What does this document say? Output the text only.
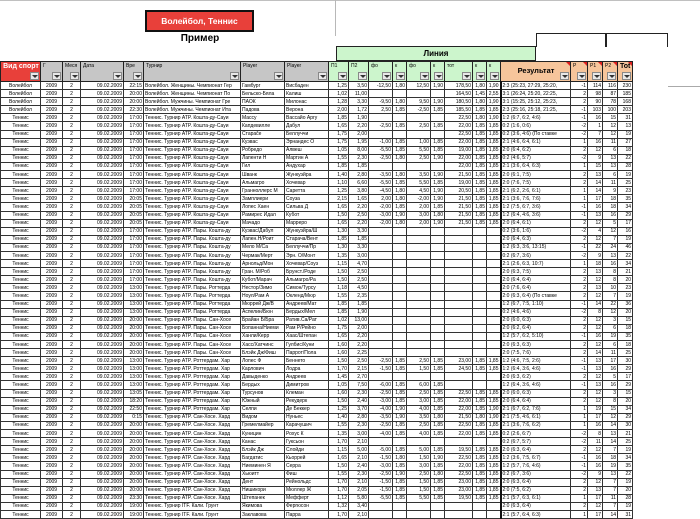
Волейбол, Теннис
Пример
Линия
Вид спорт	Г	Меся	Дата	Вре	Турнир	Player	Player	П1	П2	фо	к	фо	к	тот	к	к	Результат	Р	Р1	Р2	Tot

Волейбол	2009	2	09.02.2009	22:15	Волейбол. Женщины. Чемпионат Гер	Гамбург	Висбаден	1,25	3,50	-12,50	1,80	12,50	1,90	178,50	1,80	1,90	2:3 (25:23, 27:29, 25:20,	-1	114	116	230
Волейбол	2009	2	09.02.2009	20:00	Волейбол. Женщины. Чемпионат По	Бельско-Бяла	Калиш	1,02	11,00					164,50	1,45	2,55	3:1 (26:24, 25:20, 22:25,	2	98	87	185
Волейбол	2009	2	09.02.2009	20:00	Волейбол. Мужчины. Чемпионат Гре	ПАОК	Милонас	1,28	3,30	-9,50	1,80	9,50	1,90	180,50	1,80	1,90	3:1 (15:25, 25:12, 25:23,	2	90	78	168
Волейбол	2009	2	09.02.2009	22:30	Волейбол. Мужчины. Чемпионат Ита	Падова	Верона	2,00	1,72	2,50	1,85	-2,50	1,85	185,50	1,85	1,85	2:3 (25:16, 25:18, 21:25,	-1	103	100	203
Теннис	2009	2	09.02.2009	17:00	Теннис. Турнир ATP. Кошта-ду-Сауи	Массу	Вассайо Аргу	1,85	1,90					22,50	1,80	1,90	1:2 (6:7, 6:2, 4:6)	-1	16	15	31
Теннис	2009	2	09.02.2009	17:00	Теннис. Турнир ATP. Кошта-ду-Сауи	Капдевилле	Дабул	1,65	2,20	-2,50	1,85	2,50	1,85	22,00	1,85	1,85	0:2 (1:6, 0:6)	-2	1	12	13
Теннис	2009	2	09.02.2009	17:00	Теннис. Турнир ATP. Кошта-ду-Сауи	Старače	Беллуччи	1,75	2,00					22,50	1,85	1,85	0:2 (3:6, 4:6) (По ставке	-2	7	12	19
Теннис	2009	2	09.02.2009	17:00	Теннис. Турнир ATP. Кошта-ду-Сауи	Куэвас	Эрнандес О	1,75	1,95	-1,00	1,85	1,00	1,85	22,00	1,85	1,85	2:1 (4:6, 6:4, 6:1)	1	16	11	27
Теннис	2009	2	09.02.2009	17:00	Теннис. Турнир ATP. Кошта-ду-Сауи	Робредо	Алвеш	1,05	8,00	-5,50	1,85	5,50	1,85	19,00	1,85	1,85	2:0 (6:4, 6:2)	2	12	6	18
Теннис	2009	2	09.02.2009	17:00	Теннис. Турнир ATP. Кошта-ду-Сауи	Лапенти Н	Мартин А	1,55	2,30	-2,50	1,80	2,50	1,90	22,00	1,85	1,85	0:2 (4:6, 5:7)	-2	9	13	22
Теннис	2009	2	09.02.2009	17:00	Теннис. Турнир ATP. Кошта-ду-Сауи	Гил	Андухар	1,85	1,85					22,00	1,85	1,85	2:1 (3:6, 6:4, 6:3)	1	15	13	28
Теннис	2009	2	09.02.2009	17:00	Теннис. Турнир ATP. Кошта-ду-Сауи	Шванк	Жункуэйра	1,40	2,80	-3,50	1,80	3,50	1,90	21,50	1,85	1,85	2:0 (6:1, 7:5)	2	13	6	19
Теннис	2009	2	09.02.2009	17:00	Теннис. Турнир ATP. Кошта-ду-Сауи	Альмагро	Хочевар	1,10	6,60	-5,50	1,85	5,50	1,85	19,00	1,85	1,85	2:0 (7:6, 7:5)	2	14	11	25
Теннис	2009	2	09.02.2009	17:00	Теннис. Турнир ATP. Кошта-ду-Сауи	Гранноллерс М	Саретта	1,25	3,80	-4,50	1,80	4,50	1,90	20,50	1,85	1,85	2:1 (6:2, 2:6, 6:1)	1	14	9	23
Теннис	2009	2	09.02.2009	20:05	Теннис. Турнир ATP. Кошта-ду-Сауи	Замплиери	Соуза	2,15	1,65	2,00	1,80	-2,00	1,90	21,50	1,85	1,85	2:1 (3:6, 7:6, 7:6)	1	17	18	35
Теннис	2009	2	09.02.2009	20:05	Теннис. Турнир ATP. Кошта-ду-Сауи	Лопес Хаен	Сильва Д	1,65	2,20	-2,00	1,85	2,00	1,85	21,50	1,85	1,85	1:2 (7:5, 6:7, 3:6)	-1	16	18	34
Теннис	2009	2	09.02.2009	20:05	Теннис. Турнир ATP. Кошта-ду-Сауи	Рамирес Идал	Кубот	1,50	2,50	-3,00	1,90	3,00	1,80	21,50	1,85	1,85	1:2 (6:4, 4:6, 3:6)	-1	13	16	29
Теннис	2009	2	09.02.2009	20:05	Теннис. Турнир ATP. Кошта-ду-Сауи	Мачадо	Марреро	1,65	2,20	-2,00	1,80	2,00	1,90	21,50	1,85	1,85	2:0 (6:4, 6:1)	2	12	5	17
Теннис	2009	2	09.02.2009	17:00	Теннис. Турнир ATP. Пары. Кошта-ду	Куэвас/Дабул	Жункуэйра/Ш	1,30	3,30								0:2 (3:6, 1:6)	-2	4	12	16
Теннис	2009	2	09.02.2009	17:00	Теннис. Турнир ATP. Пары. Кошта-ду	Лапен.Н/Роит	Старача/Вент	1,85	1,85								2:0 (6:4, 6:3)	2	12	7	19
Теннис	2009	2	09.02.2009	17:00	Теннис. Турнир ATP. Пары. Кошта-ду	Мело М/Са	Беллуччи/Пр	1,30	3,30								1:2 (6:3, 3:6, 13:15)	-1	22	24	46
Теннис	2009	2	09.02.2009	17:00	Теннис. Турнир ATP. Пары. Кошта-ду	Чермак/Мерт	Эрн. О/Монт	1,35	3,00								0:2 (6:7, 3:6)	-2	9	13	22
Теннис	2009	2	09.02.2009	17:00	Теннис. Турнир ATP. Пары. Кошта-ду	Арнольд/Мон	Хочевар/Соуз	1,15	4,70								2:1 (2:6, 6:3, 10:7)	1	18	16	34
Теннис	2009	2	09.02.2009	17:00	Теннис. Турнир ATP. Пары. Кошта-ду	Гран. М/Роб	Брунст./Роде	1,50	2,50								2:0 (6:3, 7:5)	2	13	8	21
Теннис	2009	2	09.02.2009	17:00	Теннис. Турнир ATP. Пары. Кошта-ду	Кубот/Марач	Альмагро/Ра	1,50	2,50								2:0 (6:4, 6:4)	2	12	8	20
Теннис	2009	2	09.02.2009	13:00	Теннис. Турнир ATP. Пары. Роттерда	Нестор/Зимо	Симон/Турсу	1,18	4,50								2:0 (7:6, 6:4)	2	13	10	23
Теннис	2009	2	09.02.2009	13:00	Теннис. Турнир ATP. Пары. Роттерда	Ноул/Рам А	Окленд/Мюр	1,55	2,35								2:0 (6:3, 6:4) (По ставке	2	12	7	19
Теннис	2009	2	09.02.2009	13:00	Теннис. Турнир ATP. Пары. Роттерда	Мюррей Дж/В	Андреев/Мат	1,85	1,85								1:2 (6:7, 7:5, 1:10)	-1	14	22	36
Теннис	2009	2	09.02.2009	13:00	Теннис. Турнир ATP. Пары. Роттерда	Аспелин/Бюн	Бердых/Мел	1,85	1,90								0:2 (4:6, 4:6)	-2	8	12	20
Теннис	2009	2	09.02.2009	20:00	Теннис. Турнир ATP. Пары. Сан-Хосе	Брайан Б/Бра	Ратив.Са/Рат	1,02	13,00								2:0 (6:0, 6:3)	2	12	3	15
Теннис	2009	2	09.02.2009	20:00	Теннис. Турнир ATP. Пары. Сан-Хосе	Бопанна/Ниеми	Рам Р/Рейно	1,75	2,00								2:0 (6:2, 6:4)	2	12	6	18
Теннис	2009	2	09.02.2009	20:00	Теннис. Турнир ATP. Пары. Сан-Хосе	Ханли/Керр	Хаас/Штепан	1,65	2,20								1:2 (5:7, 6:2, 5:10)	-1	16	19	35
Теннис	2009	2	09.02.2009	20:00	Теннис. Турнир ATP. Пары. Сан-Хосе	Хасс/Хатчинс	Гулбис/Куни	1,60	2,20								2:0 (6:3, 6:3)	2	12	6	18
Теннис	2009	2	09.02.2009	20:00	Теннис. Турнир ATP. Пары. Сан-Хосе	Блэйк Дж/Фиш	Паррот/Пола	1,60	2,25								2:0 (7:5, 7:6)	2	14	11	25
Теннис	2009	2	09.02.2009	13:00	Теннис. Турнир ATP. Роттердам. Хар	Лопес Ф	Беннето	1,50	2,50	-2,50	1,85	2,50	1,85	23,00	1,85	1,85	1:2 (4:6, 7:5, 2:6)	-1	13	17	30
Теннис	2009	2	09.02.2009	13:00	Теннис. Турнир ATP. Роттердам. Хар	Карлович	Лодра	1,70	2,15	-1,50	1,85	1,50	1,85	24,50	1,85	1,85	1:2 (6:4, 3:6, 4:6)	-1	13	16	29
Теннис	2009	2	09.02.2009	13:00	Теннис. Турнир ATP. Роттердам. Хар	Давыденко	Андреев	1,45	2,70								2:0 (6:3, 6:2)	2	12	5	17
Теннис	2009	2	09.02.2009	13:00	Теннис. Турнир ATP. Роттердам. Хар	Бердых	Димитров	1,05	7,50	-6,00	1,85	6,00	1,85				1:2 (6:4, 3:6, 4:6)	-1	13	16	29
Теннис	2009	2	09.02.2009	13:05	Теннис. Турнир ATP. Роттердам. Хар	Турсунов	Клеман	1,60	2,30	-2,50	1,85	2,50	1,85	22,50	1,85	1,85	2:0 (6:0, 6:3)	2	12	3	15
Теннис	2009	2	09.02.2009	18:20	Теннис. Турнир ATP. Роттердам. Хар	Южный	Рекудерк	1,50	2,40	-3,00	1,85	3,00	1,85	22,00	1,85	1,85	2:0 (6:4, 6:4)	2	12	8	20
Теннис	2009	2	09.02.2009	22:50	Теннис. Турнир ATP. Роттердам. Хар	Селпи	Де Беккер	1,25	3,70	-4,00	1,90	4,00	1,85	22,00	1,85	1,90	2:1 (6:7, 6:2, 7:6)	1	19	15	34
Теннис	2009	2	09.02.2009	0:15	Теннис. Турнир ATP. Сан-Хосе. Хард	Видом	Нуньес	1,40	2,80	-3,50	1,90	3,50	1,80	21,50	1,80	1,90	2:1 (7:5, 4:6, 6:1)	1	17	12	29
Теннис	2009	2	09.02.2009	20:00	Теннис. Турнир ATP. Сан-Хосе. Хард	Гремелмайер	Карачушич	1,55	2,30	-2,50	1,85	2,50	1,85	22,50	1,85	1,85	2:1 (3:6, 7:6, 6:2)	1	16	14	30
Теннис	2009	2	09.02.2009	20:00	Теннис. Турнир ATP. Сан-Хосе. Хард	Куницин	Рохус К	1,35	3,00	-4,00	1,85	4,00	1,85	22,00	1,85	1,85	0:2 (2:6, 6:7)	-2	8	13	21
Теннис	2009	2	09.02.2009	20:00	Теннис. Турнир ATP. Сан-Хосе. Хард	Канас	Гуксьон	1,70	2,10								0:2 (6:7, 5:7)	-2	11	14	25
Теннис	2009	2	09.02.2009	20:00	Теннис. Турнир ATP. Сан-Хосе. Хард	Блэйк Дж	Слойди	1,15	5,00	-5,00	1,85	5,00	1,85	19,50	1,85	1,85	2:0 (6:3, 6:4)	2	12	7	19
Теннис	2009	2	09.02.2009	20:00	Теннис. Турнир ATP. Сан-Хосе. Хард	Багдатис	Кьоррей	1,65	2,10	-1,50	1,80	1,50	1,90	22,50	1,85	1,85	1:2 (3:6, 7:5, 6:7)	-1	16	18	34
Теннис	2009	2	09.02.2009	20:00	Теннис. Турнир ATP. Сан-Хосе. Хард	Ниеминен Я	Серра	1,50	2,40	-3,00	1,85	3,00	1,85	22,00	1,85	1,85	1:2 (5:7, 7:6, 4:6)	-1	16	19	35
Теннис	2009	2	09.02.2009	20:00	Теннис. Турнир ATP. Сан-Хосе. Хард	Хьюитт	Фиш	1,55	2,30	-2,50	1,90	2,50	1,80	22,50	1,85	1,85	0:2 (6:7, 3:6)	-2	9	13	22
Теннис	2009	2	09.02.2009	20:00	Теннис. Турнир ATP. Сан-Хосе. Хард	Дент	Рейнольдс	1,70	2,10	-1,50	1,85	1,50	1,85	23,00	1,85	1,85	2:0 (6:3, 6:4)	2	12	7	19
Теннис	2009	2	09.02.2009	20:00	Теннис. Турнир ATP. Сан-Хосе. Хард	Нишикори	Мюллер Ж	1,70	2,05	-1,50	1,85	1,50	1,85	23,00	1,85	1,85	2:0 (7:5, 6:2)	2	13	7	20
Теннис	2009	2	09.02.2009	23:30	Теннис. Турнир ATP. Сан-Хосе. Хард	Штепанек	Мефферт	1,12	5,80	-5,50	1,85	5,50	1,85	19,50	1,85	1,85	2:1 (5:7, 6:3, 6:1)	1	17	11	28
Теннис	2009	2	09.02.2009	19:00	Теннис. Турнир ITF. Кали. Грунт	Якимова	Фергюсон	1,32	3,40								2:0 (6:3, 6:4)	2	12	7	19
Теннис	2009	2	09.02.2009	19:00	Теннис. Турнир ITF. Кали. Грунт	Заклавова	Парра	1,70	2,10								2:1 (5:7, 6:4, 6:3)	1	17	14	31
